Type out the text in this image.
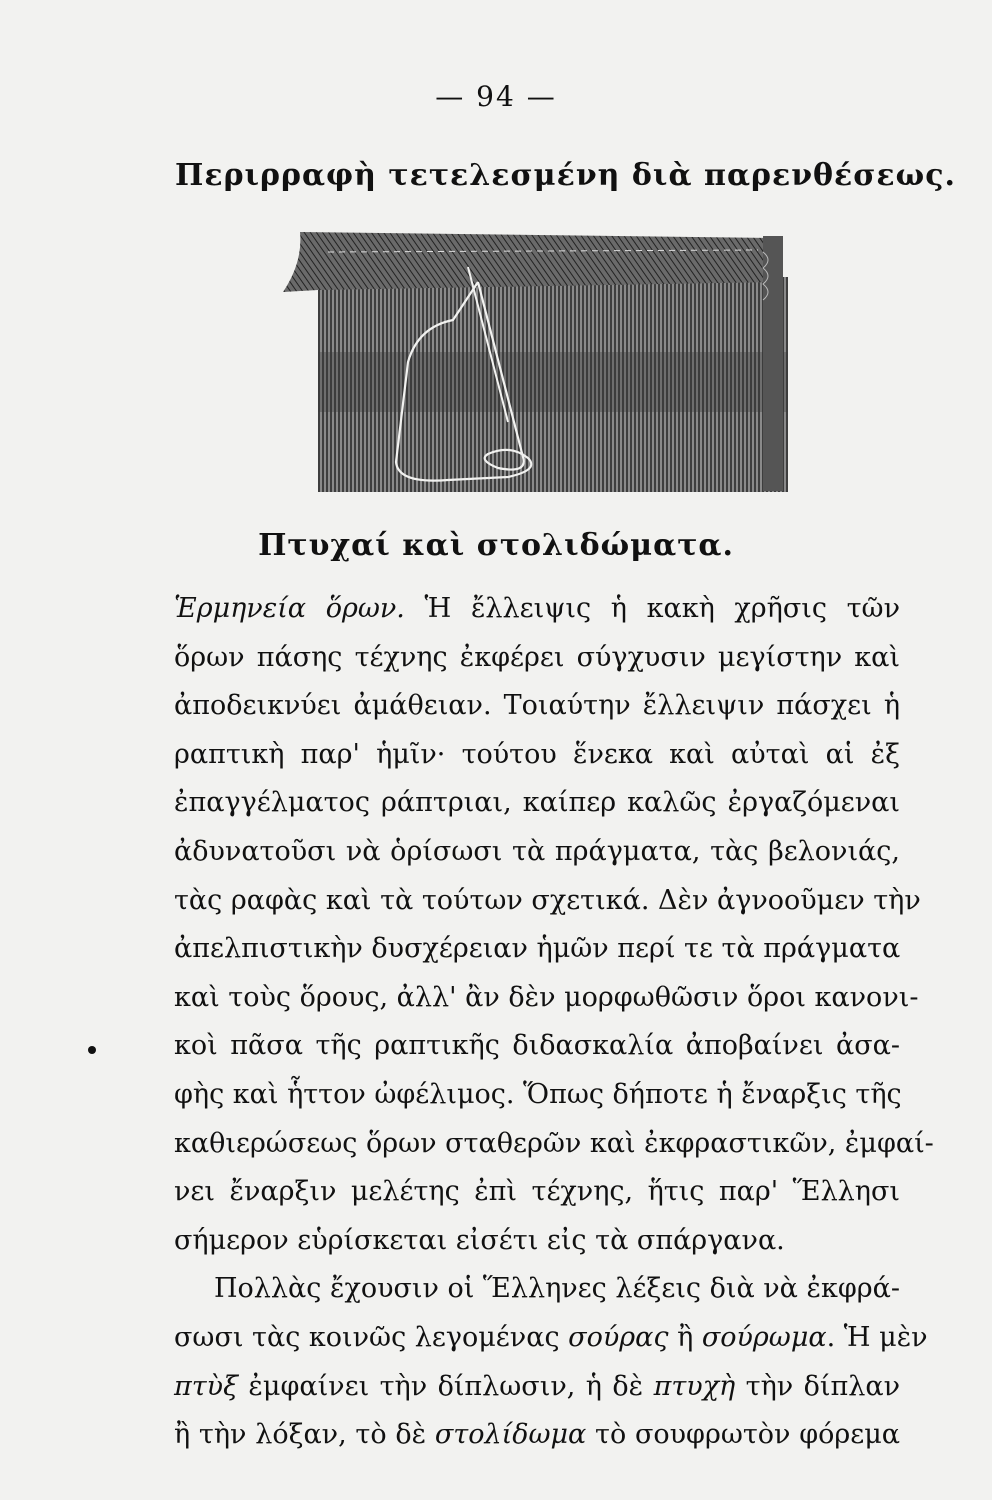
— 94 —
Περιρραφὴ τετελεσμένη διὰ παρενθέσεως.
Πτυχαί καὶ στολιδώματα.
Ἑρμηνεία ὅρων. Ἡ ἔλλειψις ἡ κακὴ χρῆσις τῶν
ὅρων πάσης τέχνης ἐκφέρει σύγχυσιν μεγίστην καὶ
ἀποδεικνύει ἀμάθειαν. Τοιαύτην ἔλλειψιν πάσχει ἡ
ραπτικὴ παρ' ἡμῖν· τούτου ἕνεκα καὶ αὐταὶ αἱ ἐξ
ἐπαγγέλματος ράπτριαι, καίπερ καλῶς ἐργαζόμεναι
ἀδυνατοῦσι νὰ ὁρίσωσι τὰ πράγματα, τὰς βελονιάς,
τὰς ραφὰς καὶ τὰ τούτων σχετικά. Δὲν ἀγνοοῦμεν τὴν
ἀπελπιστικὴν δυσχέρειαν ἡμῶν περί τε τὰ πράγματα
καὶ τοὺς ὅρους, ἀλλ' ἂν δὲν μορφωθῶσιν ὅροι κανονι-
κοὶ πᾶσα τῆς ραπτικῆς διδασκαλία ἀποβαίνει ἀσα-
φὴς καὶ ἧττον ὠφέλιμος. Ὅπως δήποτε ἡ ἔναρξις τῆς
καθιερώσεως ὅρων σταθερῶν καὶ ἐκφραστικῶν, ἐμφαί-
νει ἔναρξιν μελέτης ἐπὶ τέχνης, ἥτις παρ' Ἕλλησι
σήμερον εὑρίσκεται εἰσέτι εἰς τὰ σπάργανα.
Πολλὰς ἔχουσιν οἱ Ἕλληνες λέξεις διὰ νὰ ἐκφρά-
σωσι τὰς κοινῶς λεγομένας σούρας ἢ σούρωμα. Ἡ μὲν
πτὺξ ἐμφαίνει τὴν δίπλωσιν, ἡ δὲ πτυχὴ τὴν δίπλαν
ἢ τὴν λόξαν, τὸ δὲ στολίδωμα τὸ σουφρωτὸν φόρεμα
